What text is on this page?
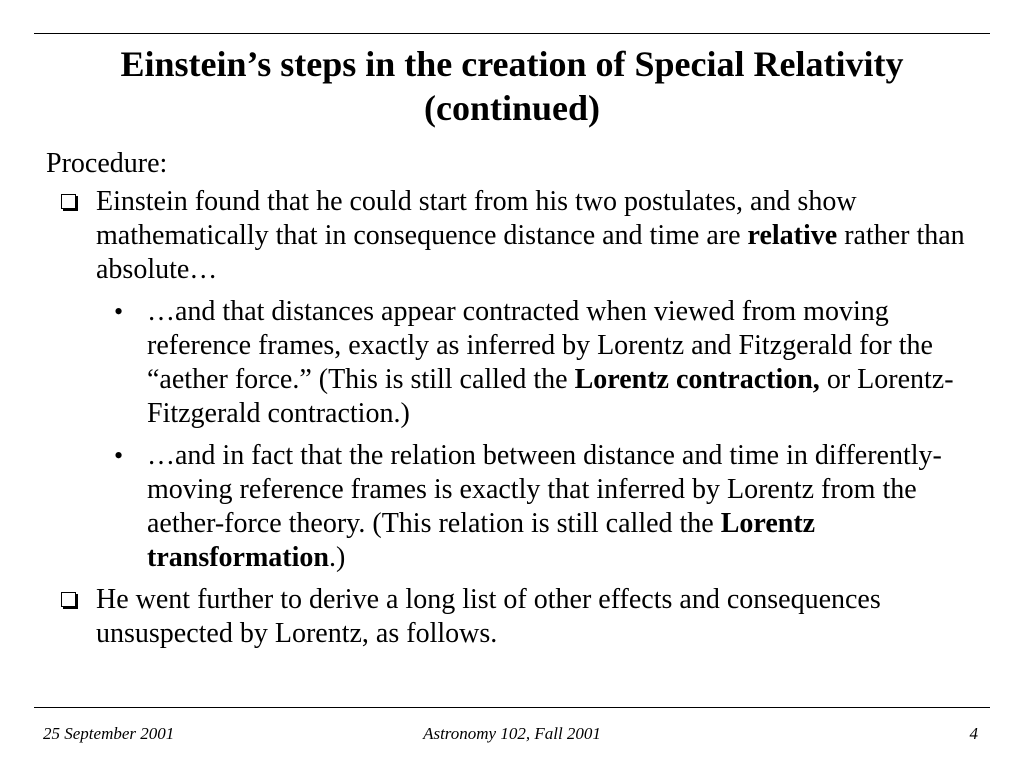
Einstein’s steps in the creation of Special Relativity (continued)

Procedure:

Einstein found that he could start from his two postulates, and show mathematically that in consequence distance and time are relative rather than absolute…
• …and that distances appear contracted when viewed from moving reference frames, exactly as inferred by Lorentz and Fitzgerald for the “aether force.” (This is still called the Lorentz contraction, or Lorentz-Fitzgerald contraction.)
• …and in fact that the relation between distance and time in differently-moving reference frames is exactly that inferred by Lorentz from the aether-force theory. (This relation is still called the Lorentz transformation.)
He went further to derive a long list of other effects and consequences unsuspected by Lorentz, as follows.
25 September 2001	Astronomy 102, Fall 2001	4
